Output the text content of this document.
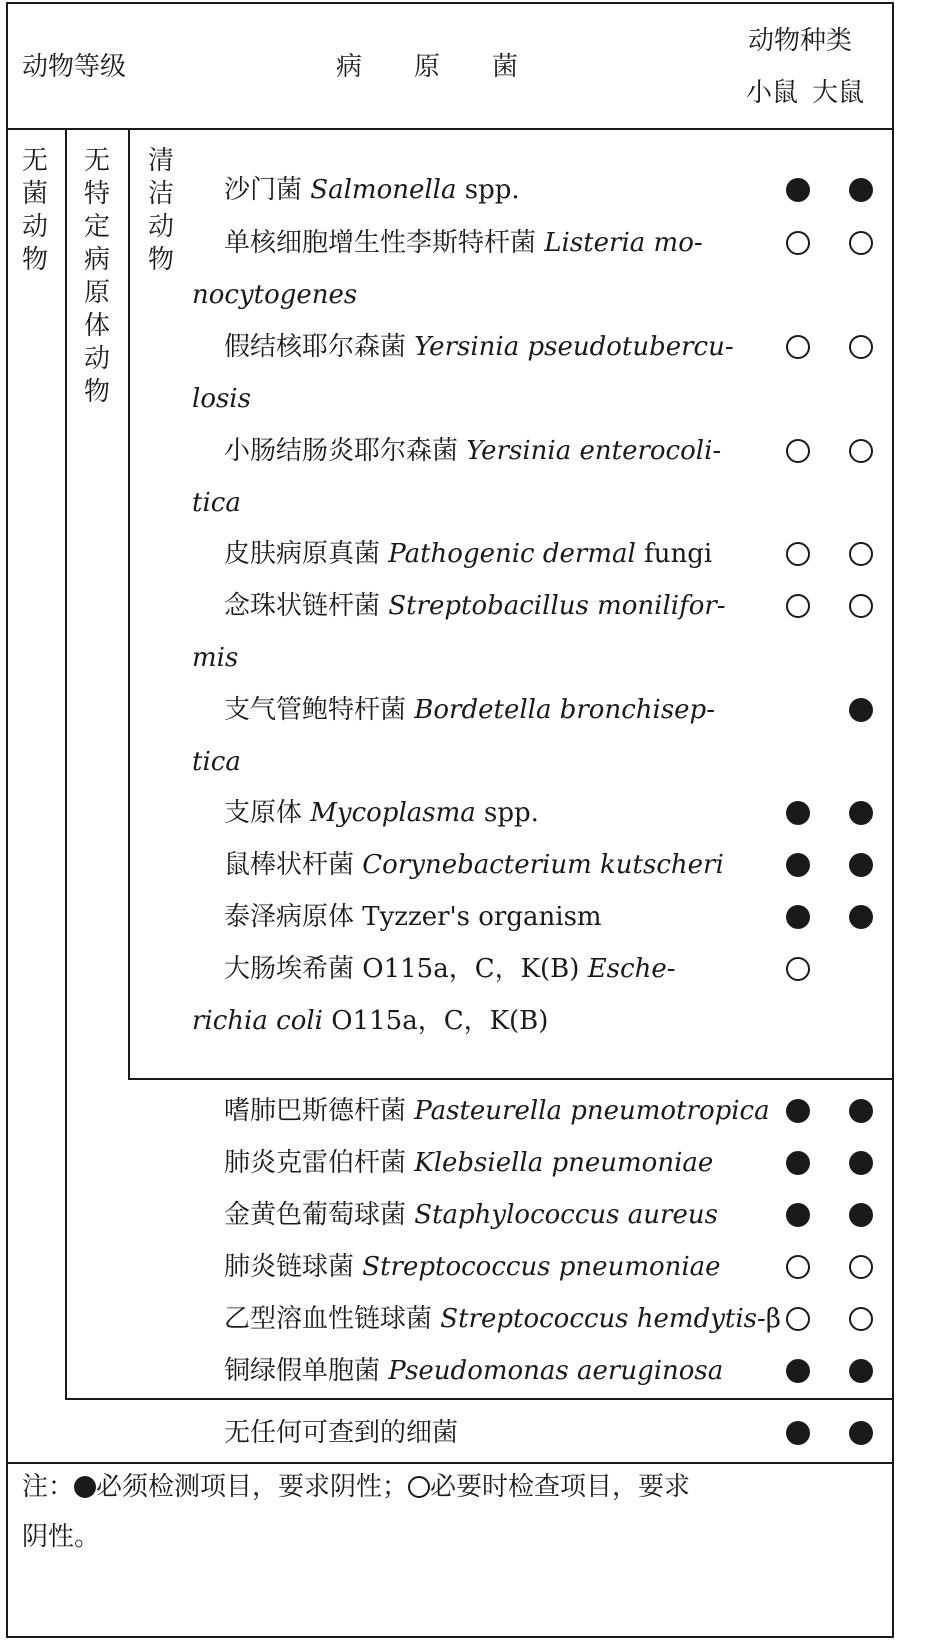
动物等级	病　　原　　菌
动物种类
小鼠 大鼠
无
菌
动
物
无
特
定
病
原
体
动
物
清
洁
动
物
沙门菌 Salmonella spp.
单核细胞增生性李斯特杆菌 Listeria mo-
nocytogenes
假结核耶尔森菌 Yersinia pseudotubercu-
losis
小肠结肠炎耶尔森菌 Yersinia enterocoli-
tica
皮肤病原真菌 Pathogenic dermal fungi
念珠状链杆菌 Streptobacillus monilifor-
mis
支气管鲍特杆菌 Bordetella bronchisep-
tica
支原体 Mycoplasma spp.
鼠棒状杆菌 Corynebacterium kutscheri
泰泽病原体 Tyzzer's organism
大肠埃希菌 O115a，C，K(B) Esche-
richia coli O115a，C，K(B)
嗜肺巴斯德杆菌 Pasteurella pneumotropica
肺炎克雷伯杆菌 Klebsiella pneumoniae
金黄色葡萄球菌 Staphylococcus aureus
肺炎链球菌 Streptococcus pneumoniae
乙型溶血性链球菌 Streptococcus hemdytis-β
铜绿假单胞菌 Pseudomonas aeruginosa
无任何可查到的细菌
注： 必须检测项目，要求阴性； 必要时检查项目，要求
阴性。
